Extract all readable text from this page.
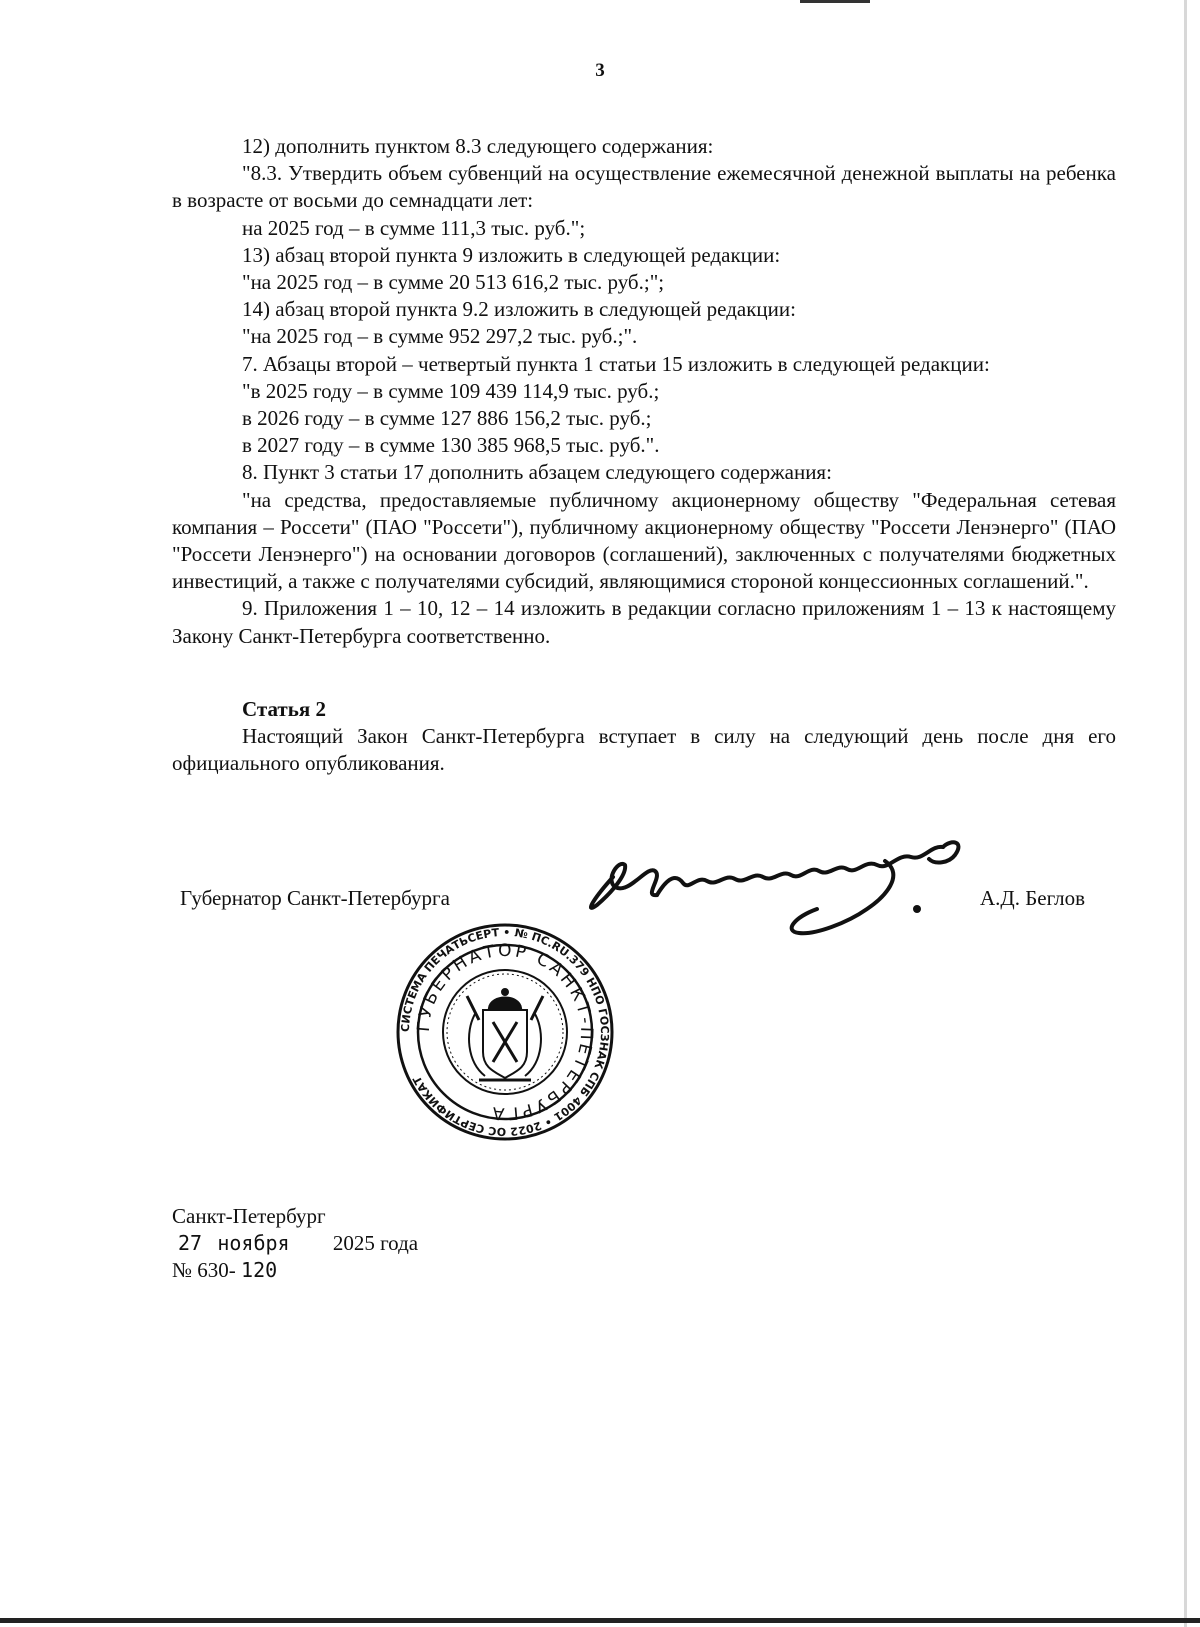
3

12) дополнить пунктом 8.3 следующего содержания:

"8.3. Утвердить объем субвенций на осуществление ежемесячной денежной выплаты на ребенка в возрасте от восьми до семнадцати лет:

на 2025 год – в сумме 111,3 тыс. руб.";

13) абзац второй пункта 9 изложить в следующей редакции:

"на 2025 год – в сумме 20 513 616,2 тыс. руб.;";

14) абзац второй пункта 9.2 изложить в следующей редакции:

"на 2025 год – в сумме 952 297,2 тыс. руб.;".

7. Абзацы второй – четвертый пункта 1 статьи 15 изложить в следующей редакции:

"в 2025 году – в сумме 109 439 114,9 тыс. руб.;

в 2026 году – в сумме 127 886 156,2 тыс. руб.;

в 2027 году – в сумме 130 385 968,5 тыс. руб.".

8. Пункт 3 статьи 17 дополнить абзацем следующего содержания:

"на средства, предоставляемые публичному акционерному обществу "Федеральная сетевая компания – Россети" (ПАО "Россети"), публичному акционерному обществу "Россети Ленэнерго" (ПАО "Россети Ленэнерго") на основании договоров (соглашений), заключенных с получателями бюджетных инвестиций, а также с получателями субсидий, являющимися стороной концессионных соглашений.".

9. Приложения 1 – 10, 12 – 14 изложить в редакции согласно приложениям 1 – 13 к настоящему Закону Санкт-Петербурга соответственно.

Статья 2

Настоящий Закон Санкт-Петербурга вступает в силу на следующий день после дня его официального опубликования.

Губернатор Санкт-Петербурга	А.Д. Беглов
СИСТЕМА ПЕЧАТЬСЕРТ • № ПС.RU.379 НПО ГОСЗНАК СПБ 4001 • 2022 ОС СЕРТИФИКАТ
ГУБЕРНАТОР САНКТ-ПЕТЕРБУРГА
Санкт-Петербург
27 ноября 2025 года
№ 630- 120
